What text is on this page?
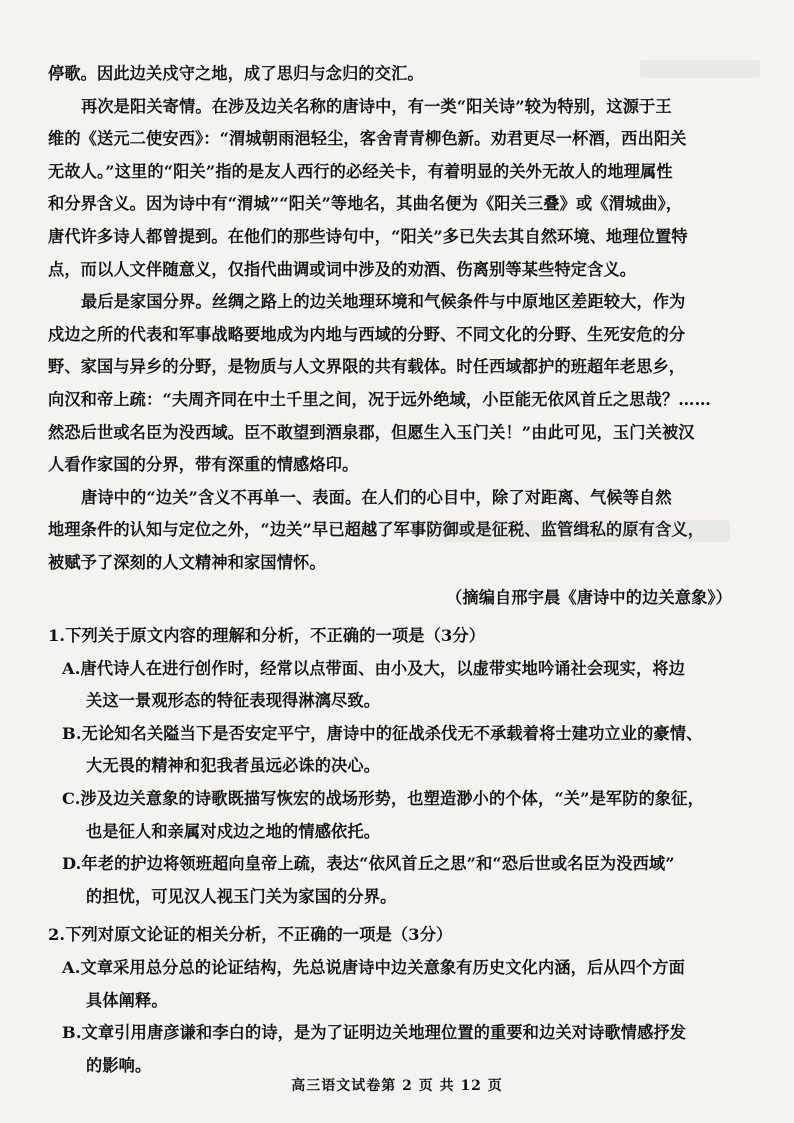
停歌。因此边关戍守之地，成了思归与念归的交汇。
再次是阳关寄情。在涉及边关名称的唐诗中，有一类“阳关诗”较为特别，这源于王
维的《送元二使安西》：“渭城朝雨浥轻尘，客舍青青柳色新。劝君更尽一杯酒，西出阳关
无故人。”这里的“阳关”指的是友人西行的必经关卡，有着明显的关外无故人的地理属性
和分界含义。因为诗中有“渭城”“阳关”等地名，其曲名便为《阳关三叠》或《渭城曲》，
唐代许多诗人都曾提到。在他们的那些诗句中，“阳关”多已失去其自然环境、地理位置特
点，而以人文伴随意义，仅指代曲调或词中涉及的劝酒、伤离别等某些特定含义。
最后是家国分界。丝绸之路上的边关地理环境和气候条件与中原地区差距较大，作为
戍边之所的代表和军事战略要地成为内地与西域的分野、不同文化的分野、生死安危的分
野、家国与异乡的分野，是物质与人文界限的共有载体。时任西域都护的班超年老思乡，
向汉和帝上疏：“夫周齐同在中土千里之间，况于远外绝域，小臣能无依风首丘之思哉？……
然恐后世或名臣为没西域。臣不敢望到酒泉郡，但愿生入玉门关！”由此可见，玉门关被汉
人看作家国的分界，带有深重的情感烙印。
唐诗中的“边关”含义不再单一、表面。在人们的心目中，除了对距离、气候等自然
地理条件的认知与定位之外，“边关”早已超越了军事防御或是征税、监管缉私的原有含义，
被赋予了深刻的人文精神和家国情怀。
（摘编自邢宇晨《唐诗中的边关意象》）
1.下列关于原文内容的理解和分析，不正确的一项是（3分）
A.唐代诗人在进行创作时，经常以点带面、由小及大，以虚带实地吟诵社会现实，将边
关这一景观形态的特征表现得淋漓尽致。
B.无论知名关隘当下是否安定平宁，唐诗中的征战杀伐无不承载着将士建功立业的豪情、
大无畏的精神和犯我者虽远必诛的决心。
C.涉及边关意象的诗歌既描写恢宏的战场形势，也塑造渺小的个体，“关”是军防的象征，
也是征人和亲属对戍边之地的情感依托。
D.年老的护边将领班超向皇帝上疏，表达“依风首丘之思”和“恐后世或名臣为没西域”
的担忧，可见汉人视玉门关为家国的分界。
2.下列对原文论证的相关分析，不正确的一项是（3分）
A.文章采用总分总的论证结构，先总说唐诗中边关意象有历史文化内涵，后从四个方面
具体阐释。
B.文章引用唐彦谦和李白的诗，是为了证明边关地理位置的重要和边关对诗歌情感抒发
的影响。
高三语文试卷第 2 页 共 12 页
